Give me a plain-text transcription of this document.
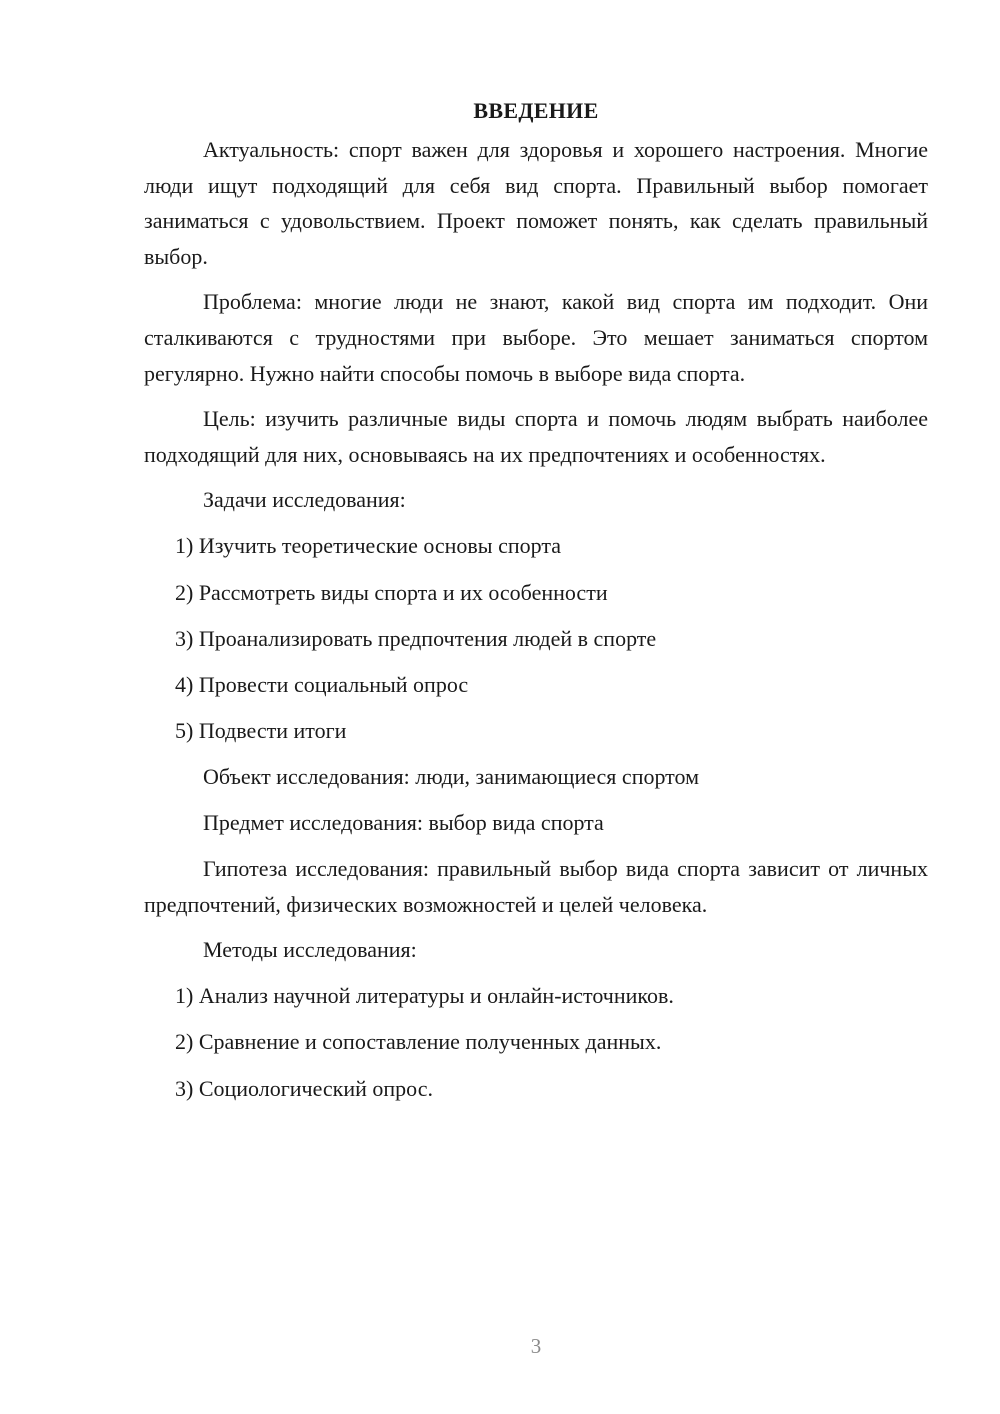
ВВЕДЕНИЕ

Актуальность: спорт важен для здоровья и хорошего настроения. Многие люди ищут подходящий для себя вид спорта. Правильный выбор помогает заниматься с удовольствием. Проект поможет понять, как сделать правильный выбор.

Проблема: многие люди не знают, какой вид спорта им подходит. Они сталкиваются с трудностями при выборе. Это мешает заниматься спортом регулярно. Нужно найти способы помочь в выборе вида спорта.

Цель: изучить различные виды спорта и помочь людям выбрать наиболее подходящий для них, основываясь на их предпочтениях и особенностях.

Задачи исследования:
1) Изучить теоретические основы спорта
2) Рассмотреть виды спорта и их особенности
3) Проанализировать предпочтения людей в спорте
4) Провести социальный опрос
5) Подвести итоги
Объект исследования: люди, занимающиеся спортом
Предмет исследования: выбор вида спорта

Гипотеза исследования: правильный выбор вида спорта зависит от личных предпочтений, физических возможностей и целей человека.

Методы исследования:
1) Анализ научной литературы и онлайн-источников.
2) Сравнение и сопоставление полученных данных.
3) Социологический опрос.
3
